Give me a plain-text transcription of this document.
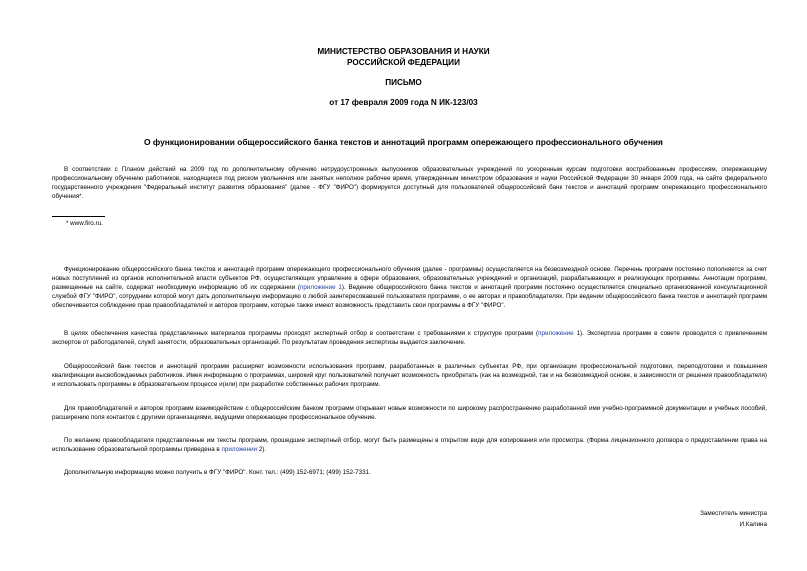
МИНИСТЕРСТВО ОБРАЗОВАНИЯ И НАУКИ
РОССИЙСКОЙ ФЕДЕРАЦИИ
ПИСЬМО
от 17 февраля 2009 года N ИК-123/03
О функционировании общероссийского банка текстов и аннотаций программ опережающего профессионального обучения

В соответствии с Планом действий на 2009 год по дополнительному обучению нетрудоустроенных выпускников образовательных учреждений по ускоренным курсам подготовки востребованным профессиям, опережающему профессиональному обучению работников, находящихся под риском увольнения или занятых неполное рабочее время, утвержденным министром образования и науки Российской Федерации 30 января 2009 года, на сайте федерального государственного учреждения "Федеральный институт развития образования" (далее - ФГУ "ФИРО") формируется доступный для пользователей общероссийский банк текстов и аннотаций программ опережающего профессионального обучения*.

* www.firo.ru.

Функционирование общероссийского банка текстов и аннотаций программ опережающего профессионального обучения (далее - программы) осуществляется на безвозмездной основе. Перечень программ постоянно пополняется за счет новых поступлений из органов исполнительной власти субъектов РФ, осуществляющих управление в сфере образования, образовательных учреждений и организаций, разрабатывающих и реализующих программы. Аннотации программ, размещенные на сайте, содержат необходимую информацию об их содержании (приложение 1). Ведение общероссийского банка текстов и аннотаций программ постоянно осуществляется специально организованной консультационной службой ФГУ "ФИРО", сотрудники которой могут дать дополнительную информацию о любой заинтересовавшей пользователя программе, о ее авторах и правообладателях. При ведении общероссийского банка текстов и аннотаций программ обеспечивается соблюдение прав правообладателей и авторов программ, которые также имеют возможность представить свои программы в ФГУ "ФИРО".

В целях обеспечения качества представленных материалов программы проходят экспертный отбор в соответствии с требованиями к структуре программ (приложение 1). Экспертиза программ в совете проводится с привлечением экспертов от работодателей, служб занятости, образовательных организаций. По результатам проведения экспертизы выдается заключение.

Общероссийский банк текстов и аннотаций программ расширяет возможности использования программ, разработанных в различных субъектах РФ, при организации профессиональной подготовки, переподготовки и повышения квалификации высвобождаемых работников. Имея информацию о программах, широкий круг пользователей получает возможность приобретать (как на возмездной, так и на безвозмездной основе, в зависимости от решения правообладателя) и использовать программы в образовательном процессе и(или) при разработке собственных рабочих программ.

Для правообладателей и авторов программ взаимодействие с общероссийским банком программ открывает новые возможности по широкому распространению разработанной ими учебно-программной документации и учебных пособий, расширению поля контактов с другими организациями, ведущими опережающее профессиональное обучение.

По желанию правообладателя представленные им тексты программ, прошедшие экспертный отбор, могут быть размещены в открытом виде для копирования или просмотра. (Форма лицензионного договора о предоставлении права на использование образовательной программы приведена в приложении 2).

Дополнительную информацию можно получить в ФГУ "ФИРО". Конт. тел.: (499) 152-6971; (499) 152-7331.

Заместитель министра
И.Калина
